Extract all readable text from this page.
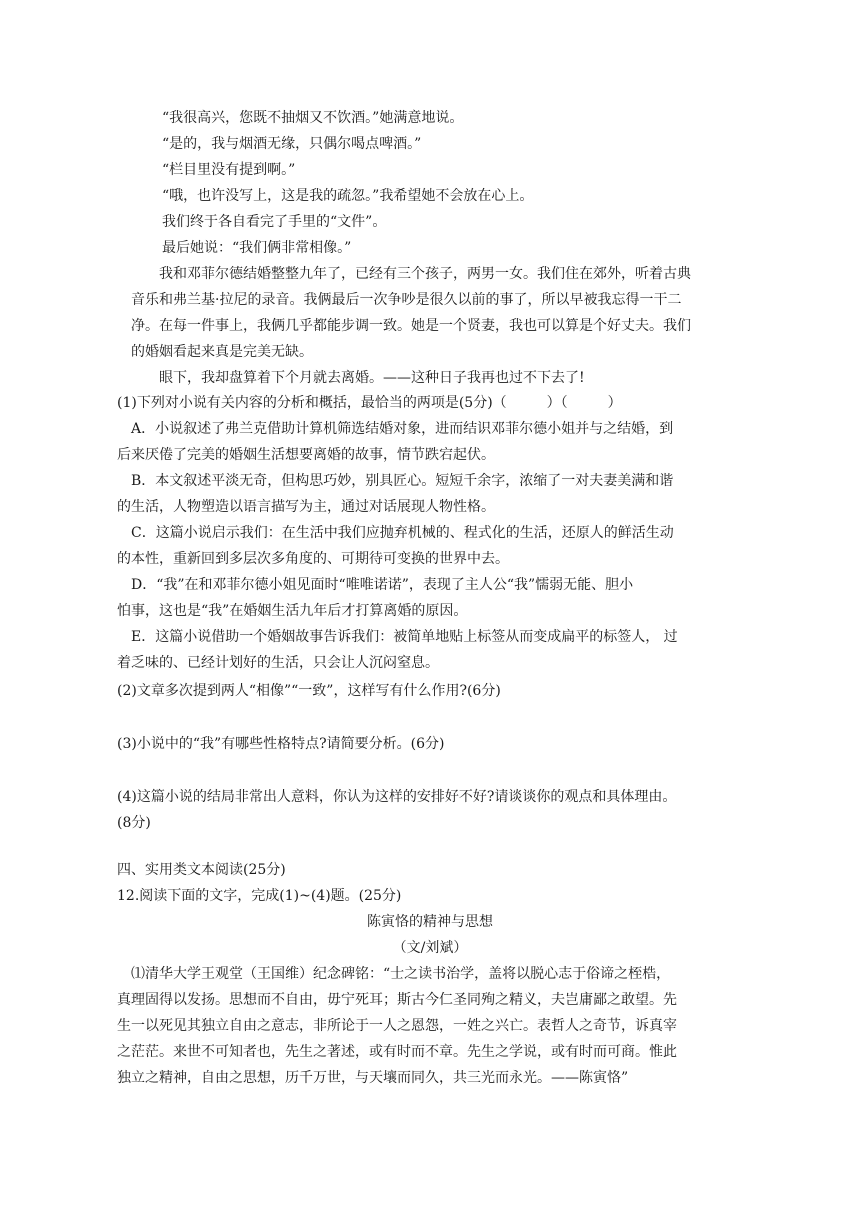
“我很高兴，您既不抽烟又不饮酒。”她满意地说。
“是的，我与烟酒无缘，只偶尔喝点啤酒。”
“栏目里没有提到啊。”
“哦，也许没写上，这是我的疏忽。”我希望她不会放在心上。
我们终于各自看完了手里的“文件”。
最后她说：“我们俩非常相像。”
我和邓菲尔德结婚整整九年了，已经有三个孩子，两男一女。我们住在郊外，听着古典
音乐和弗兰基·拉尼的录音。我俩最后一次争吵是很久以前的事了，所以早被我忘得一干二
净。在每一件事上，我俩几乎都能步调一致。她是一个贤妻，我也可以算是个好丈夫。我们
的婚姻看起来真是完美无缺。
眼下，我却盘算着下个月就去离婚。——这种日子我再也过不下去了!
(1)下列对小说有关内容的分析和概括，最恰当的两项是(5分)（	）（	）
A．小说叙述了弗兰克借助计算机筛选结婚对象，进而结识邓菲尔德小姐并与之结婚，到
后来厌倦了完美的婚姻生活想要离婚的故事，情节跌宕起伏。
B．本文叙述平淡无奇，但构思巧妙，别具匠心。短短千余字，浓缩了一对夫妻美满和谐
的生活，人物塑造以语言描写为主，通过对话展现人物性格。
C．这篇小说启示我们：在生活中我们应抛弃机械的、程式化的生活，还原人的鲜活生动
的本性，重新回到多层次多角度的、可期待可变换的世界中去。
D．“我”在和邓菲尔德小姐见面时“唯唯诺诺”，表现了主人公“我”懦弱无能、胆小
怕事，这也是“我”在婚姻生活九年后才打算离婚的原因。
E．这篇小说借助一个婚姻故事告诉我们：被简单地贴上标签从而变成扁平的标签人， 过
着乏味的、已经计划好的生活，只会让人沉闷窒息。
(2)文章多次提到两人“相像”“一致”，这样写有什么作用?(6分)
(3)小说中的“我”有哪些性格特点?请简要分析。(6分)
(4)这篇小说的结局非常出人意料，你认为这样的安排好不好?请谈谈你的观点和具体理由。
(8分)
四、实用类文本阅读(25分)
12.阅读下面的文字，完成(1)~(4)题。(25分)
陈寅恪的精神与思想
（文/刘斌）
⑴清华大学王观堂（王国维）纪念碑铭：“士之读书治学，盖将以脱心志于俗谛之桎梏，
真理固得以发扬。思想而不自由，毋宁死耳；斯古今仁圣同殉之精义，夫岂庸鄙之敢望。先
生一以死见其独立自由之意志，非所论于一人之恩怨，一姓之兴亡。表哲人之奇节，诉真宰
之茫茫。来世不可知者也，先生之著述，或有时而不章。先生之学说，或有时而可商。惟此
独立之精神，自由之思想，历千万世，与天壤而同久，共三光而永光。——陈寅恪”
